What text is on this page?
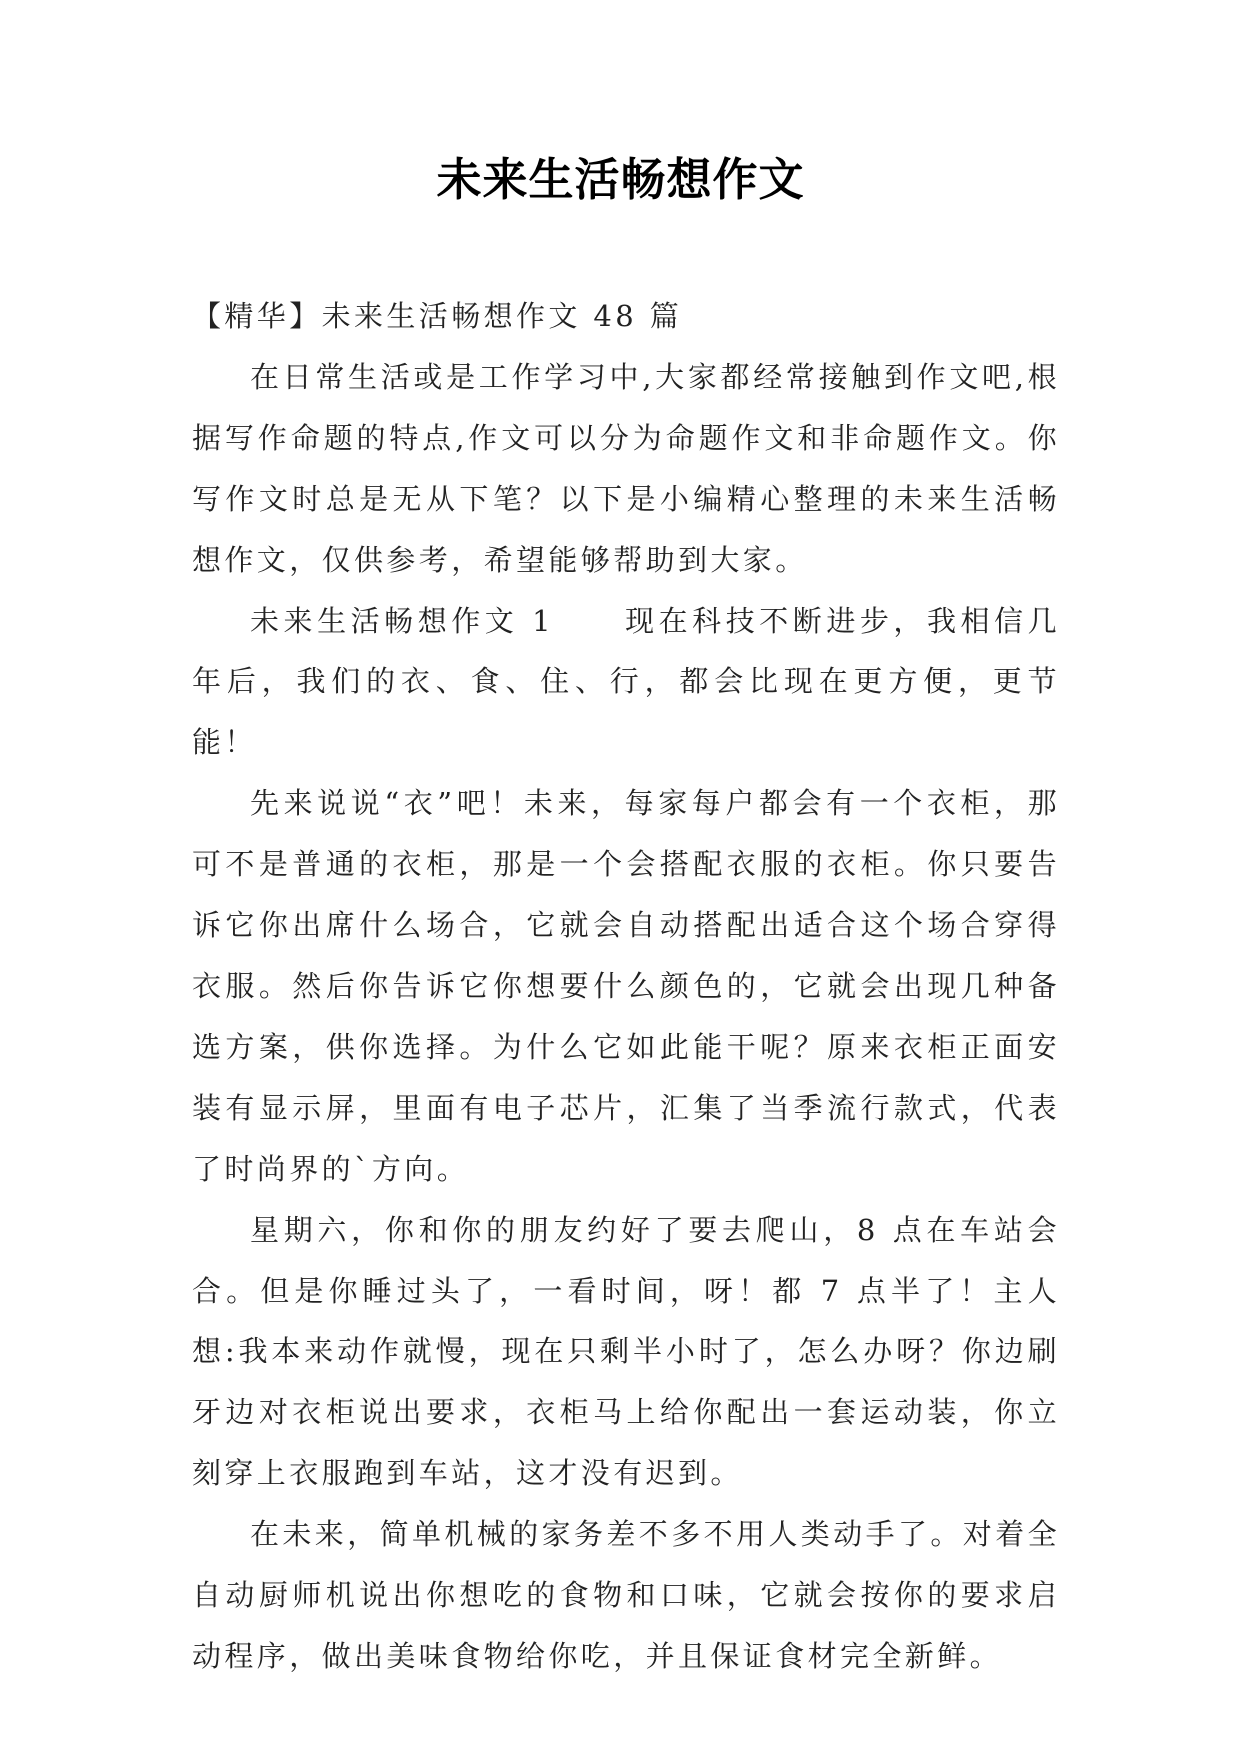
未来生活畅想作文

【精华】未来生活畅想作文 48 篇

在日常生活或是工作学习中,大家都经常接触到作文吧,根据写作命题的特点,作文可以分为命题作文和非命题作文。你写作文时总是无从下笔？以下是小编精心整理的未来生活畅想作文，仅供参考，希望能够帮助到大家。

未来生活畅想作文 1 现在科技不断进步，我相信几年后，我们的衣、食、住、行，都会比现在更方便，更节能！

先来说说“衣”吧！未来，每家每户都会有一个衣柜，那可不是普通的衣柜，那是一个会搭配衣服的衣柜。你只要告诉它你出席什么场合，它就会自动搭配出适合这个场合穿得衣服。然后你告诉它你想要什么颜色的，它就会出现几种备选方案，供你选择。为什么它如此能干呢？原来衣柜正面安装有显示屏，里面有电子芯片，汇集了当季流行款式，代表了时尚界的`方向。

星期六，你和你的朋友约好了要去爬山，8 点在车站会合。但是你睡过头了，一看时间，呀！都 7 点半了！主人想:我本来动作就慢，现在只剩半小时了，怎么办呀？你边刷牙边对衣柜说出要求，衣柜马上给你配出一套运动装，你立刻穿上衣服跑到车站，这才没有迟到。

在未来，简单机械的家务差不多不用人类动手了。对着全自动厨师机说出你想吃的食物和口味，它就会按你的要求启动程序，做出美味食物给你吃，并且保证食材完全新鲜。
